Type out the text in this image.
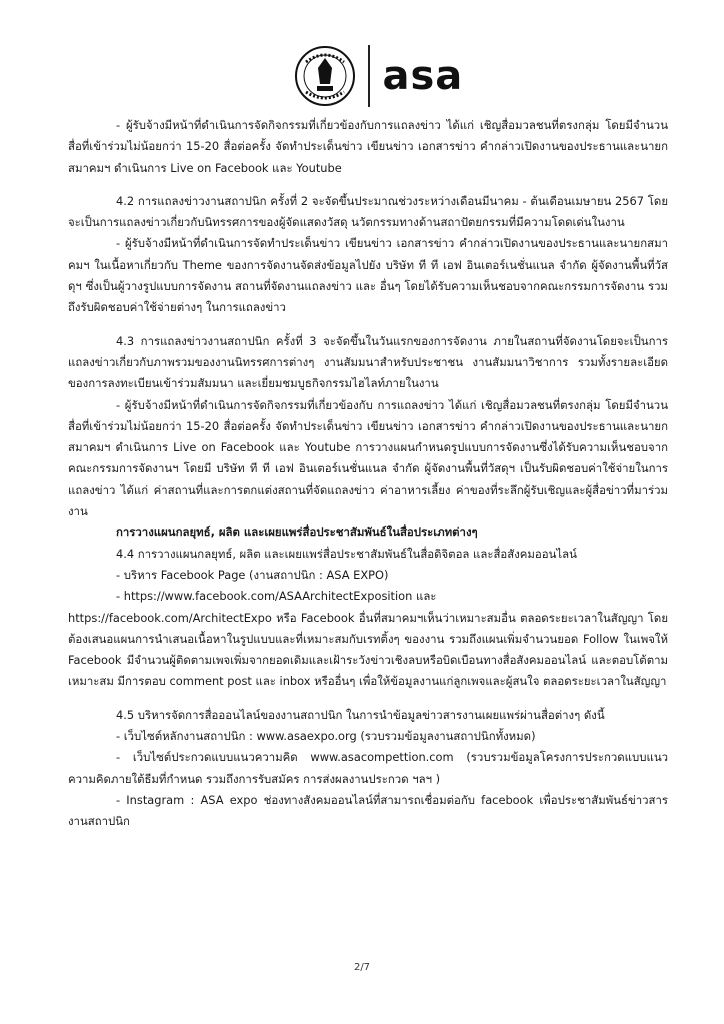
asa

- ผู้รับจ้างมีหน้าที่ดำเนินการจัดกิจกรรมที่เกี่ยวข้องกับการแถลงข่าว ได้แก่ เชิญสื่อมวลชนที่ตรงกลุ่ม โดยมีจำนวนสื่อที่เข้าร่วมไม่น้อยกว่า 15-20 สื่อต่อครั้ง จัดทำประเด็นข่าว เขียนข่าว เอกสารข่าว คำกล่าวเปิดงานของประธานและนายกสมาคมฯ ดำเนินการ Live on Facebook และ Youtube

4.2 การแถลงข่าวงานสถาปนิก ครั้งที่ 2 จะจัดขึ้นประมาณช่วงระหว่างเดือนมีนาคม - ต้นเดือนเมษายน 2567 โดยจะเป็นการแถลงข่าวเกี่ยวกับนิทรรศการของผู้จัดแสดงวัสดุ นวัตกรรมทางด้านสถาปัตยกรรมที่มีความโดดเด่นในงาน

- ผู้รับจ้างมีหน้าที่ดำเนินการจัดทำประเด็นข่าว เขียนข่าว เอกสารข่าว คำกล่าวเปิดงานของประธานและนายกสมาคมฯ ในเนื้อหาเกี่ยวกับ Theme ของการจัดงานจัดส่งข้อมูลไปยัง บริษัท ที ที เอฟ อินเตอร์เนชั่นแนล จำกัด ผู้จัดงานพื้นที่วัสดุฯ ซึ่งเป็นผู้วางรูปแบบการจัดงาน สถานที่จัดงานแถลงข่าว และ อื่นๆ โดยได้รับความเห็นชอบจากคณะกรรมการจัดงาน รวมถึงรับผิดชอบค่าใช้จ่ายต่างๆ ในการแถลงข่าว

4.3 การแถลงข่าวงานสถาปนิก ครั้งที่ 3 จะจัดขึ้นในวันแรกของการจัดงาน ภายในสถานที่จัดงานโดยจะเป็นการแถลงข่าวเกี่ยวกับภาพรวมของงานนิทรรศการต่างๆ งานสัมมนาสำหรับประชาชน งานสัมมนาวิชาการ รวมทั้งรายละเอียดของการลงทะเบียนเข้าร่วมสัมมนา และเยี่ยมชมบูธกิจกรรมไฮไลท์ภายในงาน

- ผู้รับจ้างมีหน้าที่ดำเนินการจัดกิจกรรมที่เกี่ยวข้องกับ การแถลงข่าว ได้แก่ เชิญสื่อมวลชนที่ตรงกลุ่ม โดยมีจำนวนสื่อที่เข้าร่วมไม่น้อยกว่า 15-20 สื่อต่อครั้ง จัดทำประเด็นข่าว เขียนข่าว เอกสารข่าว คำกล่าวเปิดงานของประธานและนายกสมาคมฯ ดำเนินการ Live on Facebook และ Youtube การวางแผนกำหนดรูปแบบการจัดงานซึ่งได้รับความเห็นชอบจากคณะกรรมการจัดงานฯ โดยมี บริษัท ที ที เอฟ อินเตอร์เนชั่นแนล จำกัด ผู้จัดงานพื้นที่วัสดุฯ เป็นรับผิดชอบค่าใช้จ่ายในการแถลงข่าว ได้แก่ ค่าสถานที่และการตกแต่งสถานที่จัดแถลงข่าว ค่าอาหารเลี้ยง ค่าของที่ระลึกผู้รับเชิญและผู้สื่อข่าวที่มาร่วมงาน

การวางแผนกลยุทธ์, ผลิต และเผยแพร่สื่อประชาสัมพันธ์ในสื่อประเภทต่างๆ

4.4 การวางแผนกลยุทธ์, ผลิต และเผยแพร่สื่อประชาสัมพันธ์ในสื่อดิจิตอล และสื่อสังคมออนไลน์

- บริหาร Facebook Page (งานสถาปนิก : ASA EXPO)

- https://www.facebook.com/ASAArchitectExposition และ

https://facebook.com/ArchitectExpo หรือ Facebook อื่นที่สมาคมฯเห็นว่าเหมาะสมอื่น ตลอดระยะเวลาในสัญญา โดยต้องเสนอแผนการนำเสนอเนื้อหาในรูปแบบและที่เหมาะสมกับเรทติ้งๆ ของงาน รวมถึงแผนเพิ่มจำนวนยอด Follow ในเพจให้ Facebook มีจำนวนผู้ติดตามเพจเพิ่มจากยอดเดิมและเฝ้าระวังข่าวเชิงลบหรือบิดเบือนทางสื่อสังคมออนไลน์ และตอบโต้ตามเหมาะสม มีการตอบ comment post และ inbox หรืออื่นๆ เพื่อให้ข้อมูลงานแก่ลูกเพจและผู้สนใจ ตลอดระยะเวลาในสัญญา

4.5 บริหารจัดการสื่อออนไลน์ของงานสถาปนิก ในการนำข้อมูลข่าวสารงานเผยแพร่ผ่านสื่อต่างๆ ดังนี้

- เว็บไซต์หลักงานสถาปนิก : www.asaexpo.org (รวบรวมข้อมูลงานสถาปนิกทั้งหมด)

- เว็บไซต์ประกวดแบบแนวความคิด www.asacompettion.com (รวบรวมข้อมูลโครงการประกวดแบบแนวความคิดภายใต้ธีมที่กำหนด รวมถึงการรับสมัคร การส่งผลงานประกวด ฯลฯ )

- Instagram : ASA expo ช่องทางสังคมออนไลน์ที่สามารถเชื่อมต่อกับ facebook เพื่อประชาสัมพันธ์ข่าวสารงานสถาปนิก

2/7
